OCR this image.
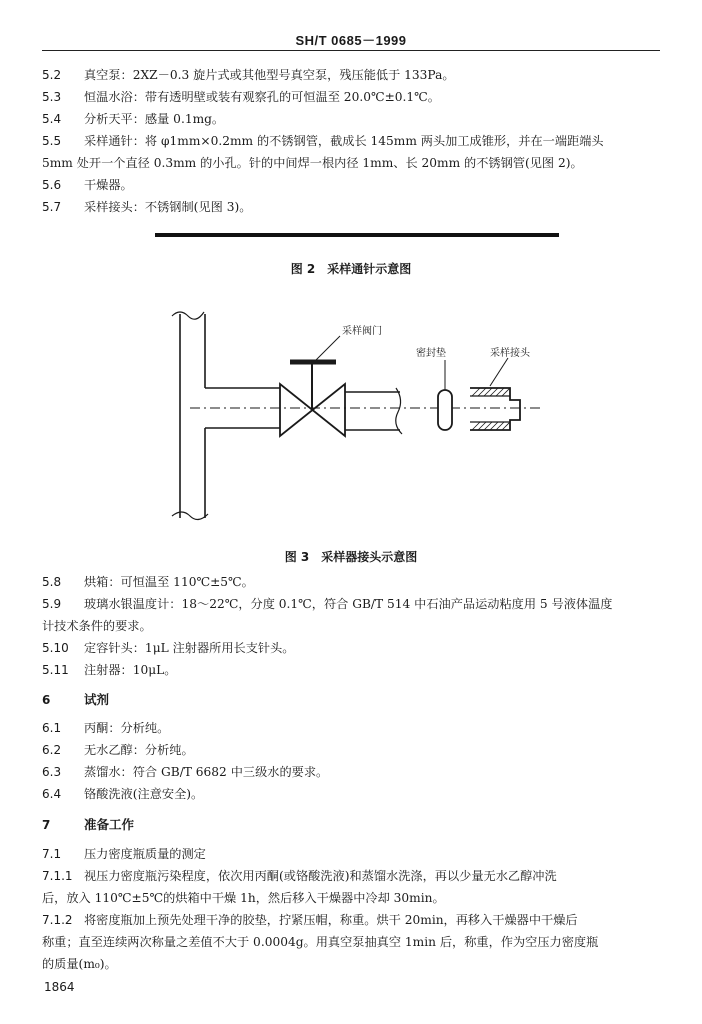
SH/T 0685－1999
5.2 真空泵：2XZ－0.3 旋片式或其他型号真空泵，残压能低于 133Pa。
5.3 恒温水浴：带有透明壁或装有观察孔的可恒温至 20.0℃±0.1℃。
5.4 分析天平：感量 0.1mg。
5.5 采样通针：将 φ1mm×0.2mm 的不锈钢管，截成长 145mm 两头加工成锥形，并在一端距端头
5mm 处开一个直径 0.3mm 的小孔。针的中间焊一根内径 1mm、长 20mm 的不锈钢管(见图 2)。
5.6 干燥器。
5.7 采样接头：不锈钢制(见图 3)。
图 2　采样通针示意图
采样阀门
密封垫	采样接头
图 3　采样器接头示意图
5.8 烘箱：可恒温至 110℃±5℃。
5.9 玻璃水银温度计：18～22℃，分度 0.1℃，符合 GB/T 514 中石油产品运动粘度用 5 号液体温度
计技术条件的要求。
5.10 定容针头：1μL 注射器所用长支针头。
5.11 注射器：10μL。
6	试剂
6.1 丙酮：分析纯。
6.2 无水乙醇：分析纯。
6.3 蒸馏水：符合 GB/T 6682 中三级水的要求。
6.4 铬酸洗液(注意安全)。
7	准备工作
7.1 压力密度瓶质量的测定
7.1.1 视压力密度瓶污染程度，依次用丙酮(或铬酸洗液)和蒸馏水洗涤，再以少量无水乙醇冲洗
后，放入 110℃±5℃的烘箱中干燥 1h，然后移入干燥器中冷却 30min。
7.1.2 将密度瓶加上预先处理干净的胶垫，拧紧压帽，称重。烘干 20min，再移入干燥器中干燥后
称重；直至连续两次称量之差值不大于 0.0004g。用真空泵抽真空 1min 后，称重，作为空压力密度瓶
的质量(m₀)。
1864
